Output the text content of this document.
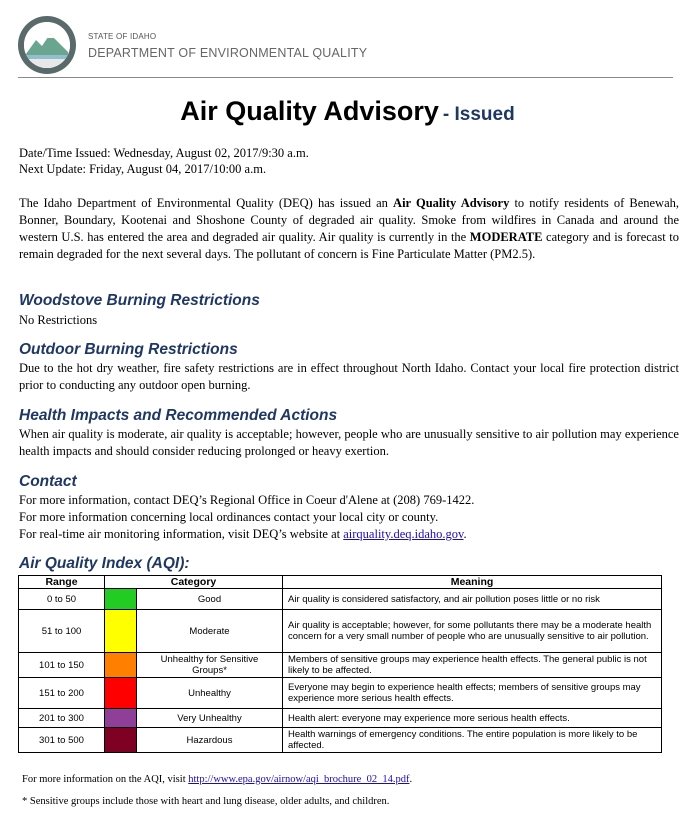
STATE OF IDAHO
DEPARTMENT OF ENVIRONMENTAL QUALITY
Air Quality Advisory - Issued
Date/Time Issued: Wednesday, August 02, 2017/9:30 a.m.
Next Update: Friday, August 04, 2017/10:00 a.m.
The Idaho Department of Environmental Quality (DEQ) has issued an Air Quality Advisory to notify residents of Benewah, Bonner, Boundary, Kootenai and Shoshone County of degraded air quality. Smoke from wildfires in Canada and around the western U.S. has entered the area and degraded air quality. Air quality is currently in the MODERATE category and is forecast to remain degraded for the next several days. The pollutant of concern is Fine Particulate Matter (PM2.5).
Woodstove Burning Restrictions
No Restrictions
Outdoor Burning Restrictions
Due to the hot dry weather, fire safety restrictions are in effect throughout North Idaho. Contact your local fire protection district prior to conducting any outdoor open burning.
Health Impacts and Recommended Actions
When air quality is moderate, air quality is acceptable; however, people who are unusually sensitive to air pollution may experience health impacts and should consider reducing prolonged or heavy exertion.
Contact
For more information, contact DEQ’s Regional Office in Coeur d'Alene at (208) 769-1422.
For more information concerning local ordinances contact your local city or county.
For real-time air monitoring information, visit DEQ’s website at airquality.deq.idaho.gov.
Air Quality Index (AQI):
Range	Category		Meaning
0 to 50		Good	Air quality is considered satisfactory, and air pollution poses little or no risk
51 to 100		Moderate	Air quality is acceptable; however, for some pollutants there may be a moderate health concern for a very small number of people who are unusually sensitive to air pollution.
101 to 150		Unhealthy for Sensitive Groups*	Members of sensitive groups may experience health effects. The general public is not likely to be affected.
151 to 200		Unhealthy	Everyone may begin to experience health effects; members of sensitive groups may experience more serious health effects.
201 to 300		Very Unhealthy	Health alert: everyone may experience more serious health effects.
301 to 500		Hazardous	Health warnings of emergency conditions. The entire population is more likely to be affected.
For more information on the AQI, visit http://www.epa.gov/airnow/aqi_brochure_02_14.pdf.
* Sensitive groups include those with heart and lung disease, older adults, and children.
